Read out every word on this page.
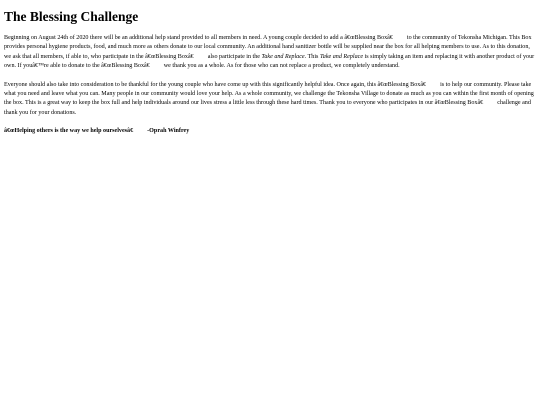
The Blessing Challenge

Beginning on August 24th of 2020 there will be an additional help stand provided to all members in need. A young couple decided to add a â€œBlessing Boxâ€ to the community of Tekonsha Michigan. This Box provides personal hygiene products, food, and much more as others donate to our local community. An additional hand sanitizer bottle will be supplied near the box for all helping members to use. As to this donation, we ask that all members, if able to, who participate in the â€œBlessing Boxâ€ also participate in the Take and Replace. This Take and Replace is simply taking an item and replacing it with another product of your own. If youâ€™re able to donate to the â€œBlessing Boxâ€ we thank you as a whole. As for those who can not replace a product, we completely understand.

Everyone should also take into consideration to be thankful for the young couple who have come up with this significantly helpful idea. Once again, this â€œBlessing Boxâ€ is to help our community. Please take what you need and leave what you can. Many people in our community would love your help. As a whole community, we challenge the Tekonsha Village to donate as much as you can within the first month of opening the box. This is a great way to keep the box full and help individuals around our lives stress a little less through these hard times. Thank you to everyone who participates in our â€œBlessing Boxâ€ challenge and thank you for your donations.

â€œHelping others is the way we help ourselvesâ€ -Oprah Winfrey
